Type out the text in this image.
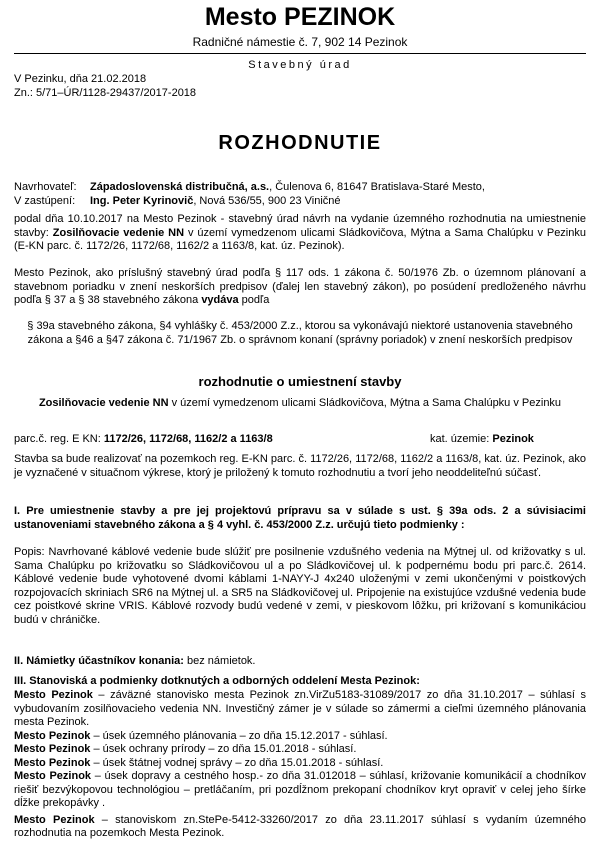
Mesto PEZINOK
Radničné námestie č. 7, 902 14 Pezinok
Stavebný úrad
V Pezinku, dňa 21.02.2018
Zn.: 5/71–ÚR/1128-29437/2017-2018
ROZHODNUTIE
Navrhovateľ:	Západoslovenská distribučná, a.s., Čulenova 6, 81647 Bratislava-Staré Mesto,
V zastúpení:	Ing. Peter Kyrinovič, Nová 536/55, 900 23 Viničné
podal dňa 10.10.2017 na Mesto Pezinok - stavebný úrad návrh na vydanie územného rozhodnutia na umiestnenie stavby: Zosilňovacie vedenie NN v území vymedzenom ulicami Sládkovičova, Mýtna a Sama Chalúpku v Pezinku (E-KN parc. č. 1172/26, 1172/68, 1162/2 a 1163/8, kat. úz. Pezinok).
Mesto Pezinok, ako príslušný stavebný úrad podľa § 117 ods. 1 zákona č. 50/1976 Zb. o územnom plánovaní a stavebnom poriadku v znení neskorších predpisov (ďalej len stavebný zákon), po posúdení predloženého návrhu podľa § 37 a § 38 stavebného zákona vydáva podľa
§ 39a stavebného zákona, §4 vyhlášky č. 453/2000 Z.z., ktorou sa vykonávajú niektoré ustanovenia stavebného zákona a §46 a §47 zákona č. 71/1967 Zb. o správnom konaní (správny poriadok) v znení neskorších predpisov
rozhodnutie o umiestnení stavby
Zosilňovacie vedenie NN v území vymedzenom ulicami Sládkovičova, Mýtna a Sama Chalúpku v Pezinku
parc.č. reg. E KN: 1172/26, 1172/68, 1162/2 a 1163/8	kat. územie: Pezinok
Stavba sa bude realizovať na pozemkoch reg. E-KN parc. č. 1172/26, 1172/68, 1162/2 a 1163/8, kat. úz. Pezinok, ako je vyznačené v situačnom výkrese, ktorý je priložený k tomuto rozhodnutiu a tvorí jeho neoddeliteľnú súčasť.
I. Pre umiestnenie stavby a pre jej projektovú prípravu sa v súlade s ust. § 39a ods. 2 a súvisiacimi ustanoveniami stavebného zákona a § 4 vyhl. č. 453/2000 Z.z. určujú tieto podmienky :
Popis: Navrhované káblové vedenie bude slúžiť pre posilnenie vzdušného vedenia na Mýtnej ul. od križovatky s ul. Sama Chalúpku po križovatku so Sládkovičovou ul a po Sládkovičovej ul. k podpernému bodu pri parc.č. 2614. Káblové vedenie bude vyhotovené dvomi káblami 1-NAYY-J 4x240 uloženými v zemi ukončenými v poistkových rozpojovacích skriniach SR6 na Mýtnej ul. a SR5 na Sládkovičovej ul. Pripojenie na existujúce vzdušné vedenia bude cez poistkové skrine VRIS. Káblové rozvody budú vedené v zemi, v pieskovom lôžku, pri križovaní s komunikáciou budú v chráničke.
II. Námietky účastníkov konania: bez námietok.
III. Stanoviská a podmienky dotknutých a odborných oddelení Mesta Pezinok:
Mesto Pezinok – záväzné stanovisko mesta Pezinok zn.VirZu5183-31089/2017 zo dňa 31.10.2017 – súhlasí s vybudovaním zosilňovacieho vedenia NN. Investičný zámer je v súlade so zámermi a cieľmi územného plánovania mesta Pezinok.
Mesto Pezinok – úsek územného plánovania – zo dňa 15.12.2017 - súhlasí.
Mesto Pezinok – úsek ochrany prírody – zo dňa 15.01.2018 - súhlasí.
Mesto Pezinok – úsek štátnej vodnej správy – zo dňa 15.01.2018 - súhlasí.
Mesto Pezinok – úsek dopravy a cestného hosp.- zo dňa 31.012018 – súhlasí, križovanie komunikácií a chodníkov riešiť bezvýkopovou technológiou – pretláčaním, pri pozdĺžnom prekopaní chodníkov kryt opraviť v celej jeho šírke dĺžke prekopávky .
Mesto Pezinok – stanoviskom zn.StePe-5412-33260/2017 zo dňa 23.11.2017 súhlasí s vydaním územného rozhodnutia na pozemkoch Mesta Pezinok.
